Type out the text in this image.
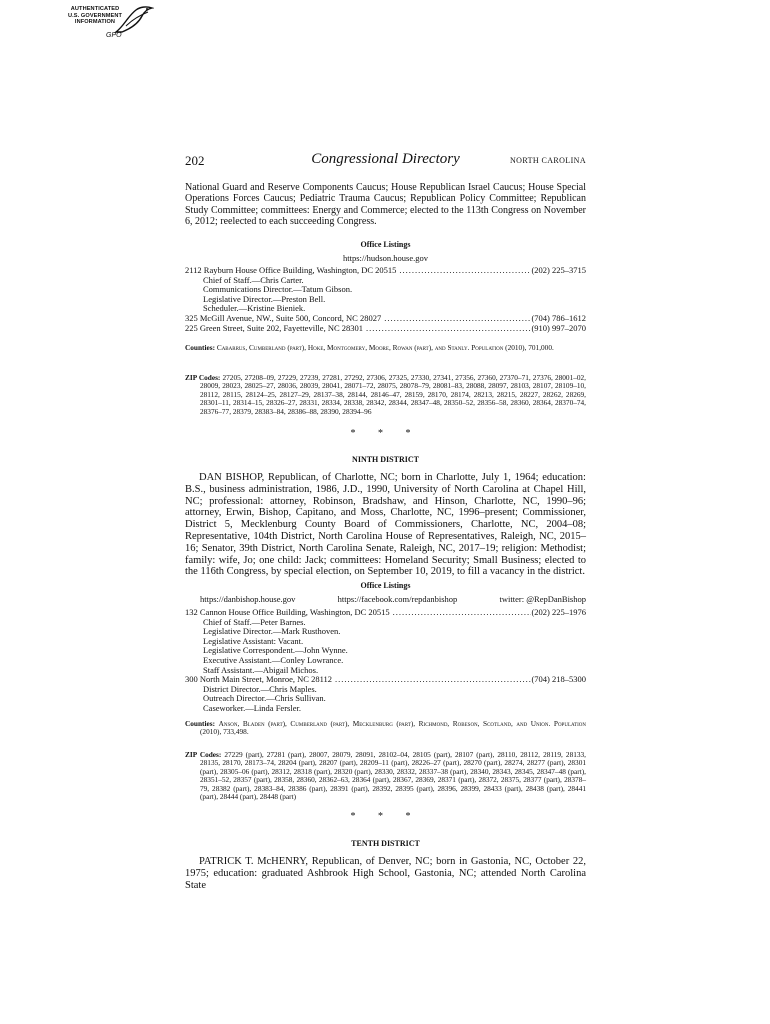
AUTHENTICATED
U.S. GOVERNMENT
INFORMATION
GPO
202	Congressional Directory	NORTH CAROLINA
National Guard and Reserve Components Caucus; House Republican Israel Caucus; House Special Operations Forces Caucus; Pediatric Trauma Caucus; Republican Policy Committee; Republican Study Committee; committees: Energy and Commerce; elected to the 113th Congress on November 6, 2012; reelected to each succeeding Congress.
Office Listings
https://hudson.house.gov
2112 Rayburn House Office Building, Washington, DC 20515 .....	(202) 225–3715
Chief of Staff.—Chris Carter.
Communications Director.—Tatum Gibson.
Legislative Director.—Preston Bell.
Scheduler.—Kristine Bieniek.
325 McGill Avenue, NW., Suite 500, Concord, NC 28027 .....	(704) 786–1612
225 Green Street, Suite 202, Fayetteville, NC 28301 .....	(910) 997–2070
Counties: Cabarrus, Cumberland (part), Hoke, Montgomery, Moore, Rowan (part), and Stanly. Population (2010), 701,000.
ZIP Codes: 27205, 27208–09, 27229, 27239, 27281, 27292, 27306, 27325, 27330, 27341, 27356, 27360, 27370–71, 27376, 28001–02, 28009, 28023, 28025–27, 28036, 28039, 28041, 28071–72, 28075, 28078–79, 28081–83, 28088, 28097, 28103, 28107, 28109–10, 28112, 28115, 28124–25, 28127–29, 28137–38, 28144, 28146–47, 28159, 28170, 28174, 28213, 28215, 28227, 28262, 28269, 28301–11, 28314–15, 28326–27, 28331, 28334, 28338, 28342, 28344, 28347–48, 28350–52, 28356–58, 28360, 28364, 28370–74, 28376–77, 28379, 28383–84, 28386–88, 28390, 28394–96
* * *
NINTH DISTRICT
DAN BISHOP, Republican, of Charlotte, NC; born in Charlotte, July 1, 1964; education: B.S., business administration, 1986, J.D., 1990, University of North Carolina at Chapel Hill, NC; professional: attorney, Robinson, Bradshaw, and Hinson, Charlotte, NC, 1990–96; attorney, Erwin, Bishop, Capitano, and Moss, Charlotte, NC, 1996–present; Commissioner, District 5, Mecklenburg County Board of Commissioners, Charlotte, NC, 2004–08; Representative, 104th District, North Carolina House of Representatives, Raleigh, NC, 2015–16; Senator, 39th District, North Carolina Senate, Raleigh, NC, 2017–19; religion: Methodist; family: wife, Jo; one child: Jack; committees: Homeland Security; Small Business; elected to the 116th Congress, by special election, on September 10, 2019, to fill a vacancy in the district.
Office Listings
https://danbishop.house.gov	https://facebook.com/repdanbishop	twitter: @RepDanBishop
132 Cannon House Office Building, Washington, DC 20515 .....	(202) 225–1976
Chief of Staff.—Peter Barnes.
Legislative Director.—Mark Rusthoven.
Legislative Assistant: Vacant.
Legislative Correspondent.—John Wynne.
Executive Assistant.—Conley Lowrance.
Staff Assistant.—Abigail Michos.
300 North Main Street, Monroe, NC 28112 .....	(704) 218–5300
District Director.—Chris Maples.
Outreach Director.—Chris Sullivan.
Caseworker.—Linda Fersler.
Counties: Anson, Bladen (part), Cumberland (part), Mecklenburg (part), Richmond, Robeson, Scotland, and Union. Population (2010), 733,498.
ZIP Codes: 27229 (part), 27281 (part), 28007, 28079, 28091, 28102–04, 28105 (part), 28107 (part), 28110, 28112, 28119, 28133, 28135, 28170, 28173–74, 28204 (part), 28207 (part), 28209–11 (part), 28226–27 (part), 28270 (part), 28274, 28277 (part), 28301 (part), 28305–06 (part), 28312, 28318 (part), 28320 (part), 28330, 28332, 28337–38 (part), 28340, 28343, 28345, 28347–48 (part), 28351–52, 28357 (part), 28358, 28360, 28362–63, 28364 (part), 28367, 28369, 28371 (part), 28372, 28375, 28377 (part), 28378–79, 28382 (part), 28383–84, 28386 (part), 28391 (part), 28392, 28395 (part), 28396, 28399, 28433 (part), 28438 (part), 28441 (part), 28444 (part), 28448 (part)
* * *
TENTH DISTRICT
PATRICK T. McHENRY, Republican, of Denver, NC; born in Gastonia, NC, October 22, 1975; education: graduated Ashbrook High School, Gastonia, NC; attended North Carolina State
